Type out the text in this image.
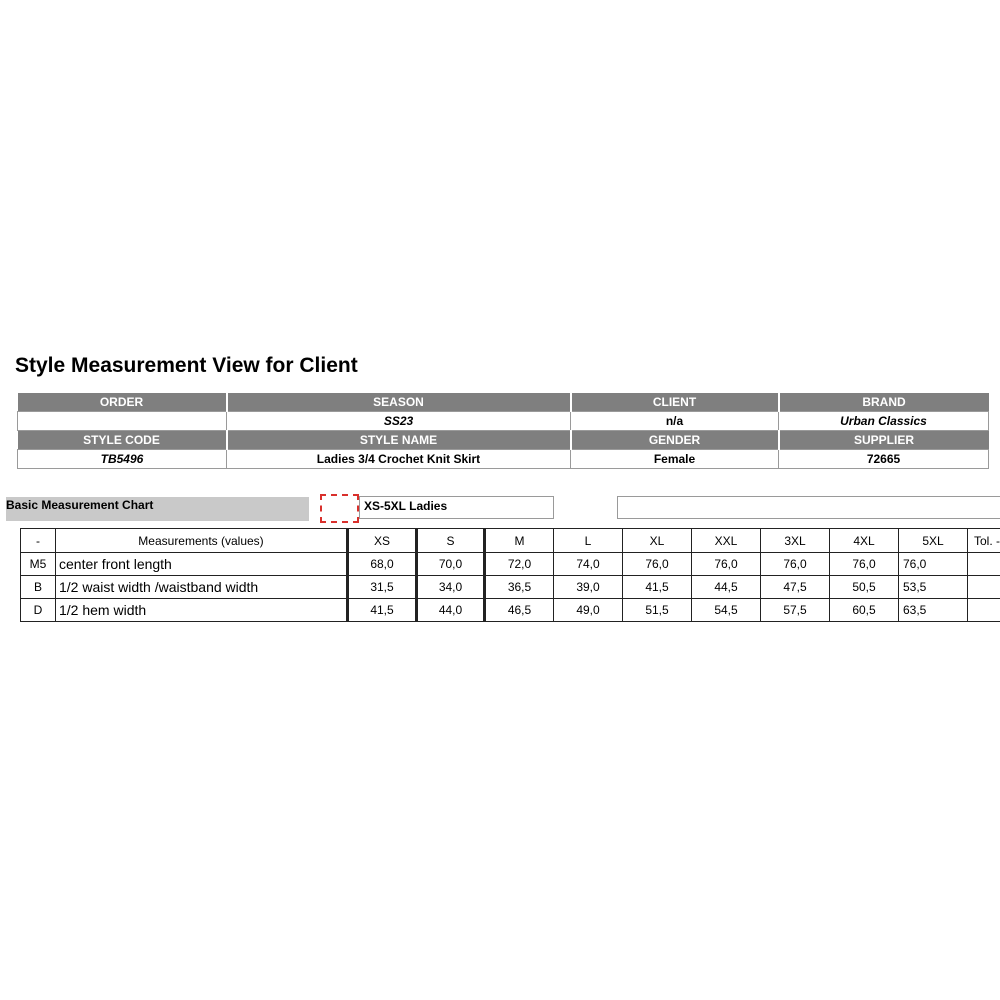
Style Measurement View for Client
ORDER	SEASON	CLIENT	BRAND
	SS23	n/a	Urban Classics
STYLE CODE	STYLE NAME	GENDER	SUPPLIER
TB5496	Ladies 3/4 Crochet Knit Skirt	Female	72665
Basic Measurement Chart	XS-5XL Ladies
-	Measurements (values)	XS	S	M	L	XL	XXL	3XL	4XL	5XL	Tol. -
M5	center front length	68,0	70,0	72,0	74,0	76,0	76,0	76,0	76,0	76,0	
B	1/2 waist width /waistband width	31,5	34,0	36,5	39,0	41,5	44,5	47,5	50,5	53,5	
D	1/2 hem width	41,5	44,0	46,5	49,0	51,5	54,5	57,5	60,5	63,5	
